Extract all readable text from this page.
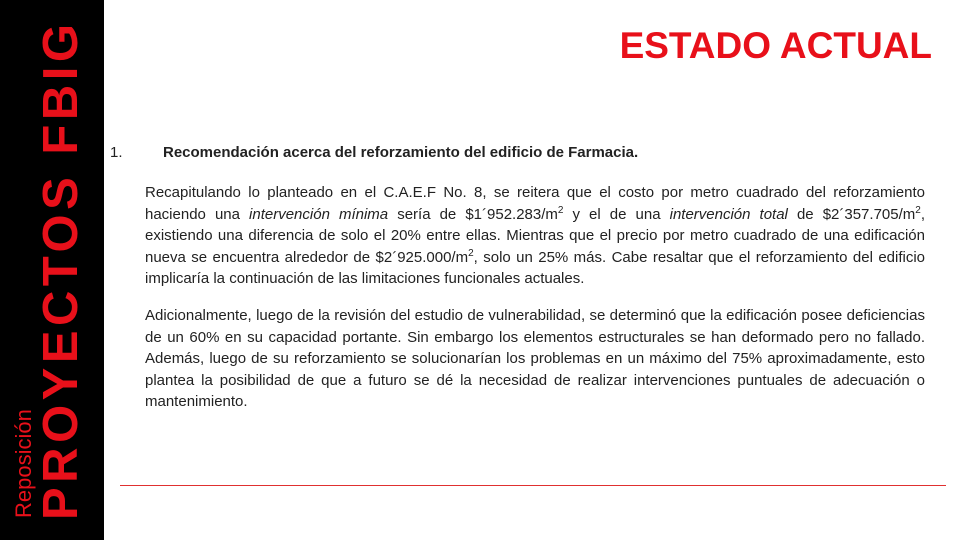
Reposición
PROYECTOS FBIG	ESTADO ACTUAL
1.	Recomendación acerca del reforzamiento del edificio de Farmacia.

Recapitulando lo planteado en el C.A.E.F No. 8, se reitera que el costo por metro cuadrado del reforzamiento haciendo una intervención mínima sería de $\$1´952.283/m^2$ y el de una intervención total de $\$2´357.705/m^2$, existiendo una diferencia de solo el 20% entre ellas. Mientras que el precio por metro cuadrado de una edificación nueva se encuentra alrededor de $\$2´925.000/m^2$, solo un 25% más. Cabe resaltar que el reforzamiento del edificio implicaría la continuación de las limitaciones funcionales actuales.

Adicionalmente, luego de la revisión del estudio de vulnerabilidad, se determinó que la edificación posee deficiencias de un 60% en su capacidad portante. Sin embargo los elementos estructurales se han deformado pero no fallado. Además, luego de su reforzamiento se solucionarían los problemas en un máximo del 75% aproximadamente, esto plantea la posibilidad de que a futuro se dé la necesidad de realizar intervenciones puntuales de adecuación o mantenimiento.
